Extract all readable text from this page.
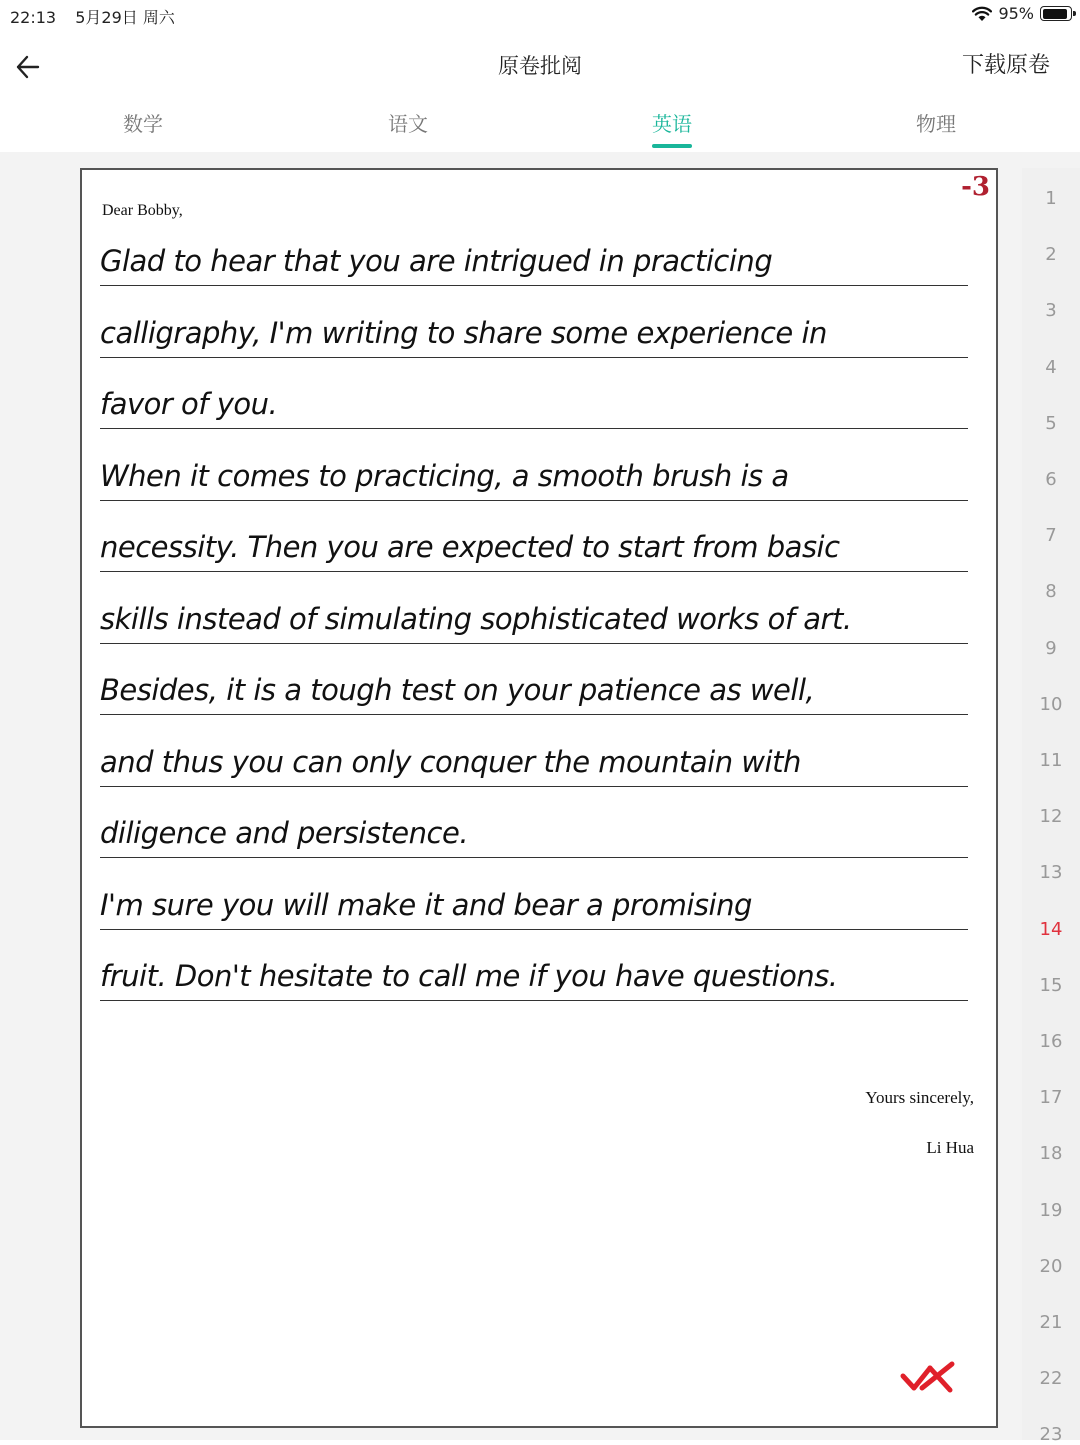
22:13 5月29日 周六	95%
原卷批阅	下载原卷
数学	语文	英语	物理
-3
Dear Bobby,
Glad to hear that you are intrigued in practicing
calligraphy, I'm writing to share some experience in
favor of you.
When it comes to practicing, a smooth brush is a
necessity. Then you are expected to start from basic
skills instead of simulating sophisticated works of art.
Besides, it is a tough test on your patience as well,
and thus you can only conquer the mountain with
diligence and persistence.
I'm sure you will make it and bear a promising
fruit. Don't hesitate to call me if you have questions.
Yours sincerely,
Li Hua
1
2
3
4
5
6
7
8
9
10
11
12
13
14
15
16
17
18
19
20
21
22
23
